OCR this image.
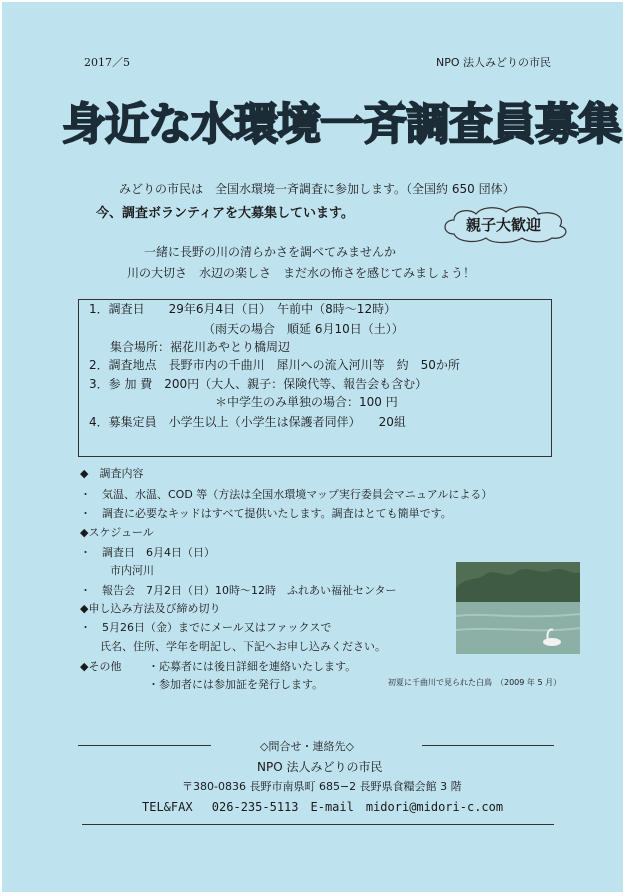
2017／5	NPO 法人みどりの市民
身近な水環境一斉調査員募集
みどりの市民は　全国水環境一斉調査に参加します。（全国約 650 団体）
今、調査ボランティアを大募集しています。
親子大歓迎
一緒に長野の川の清らかさを調べてみませんか
川の大切さ　水辺の楽しさ　まだ水の怖さを感じてみましょう！
1．調査日　　29年6月4日（日）　午前中（8時〜12時）
（雨天の場合　順延 6月10日（土））
集合場所：裾花川あやとり橋周辺
2．調査地点　長野市内の千曲川　犀川への流入河川等　約　50か所
3．参 加 費　200円（大人、親子：保険代等、報告会も含む）
＊中学生のみ単独の場合：100 円
4．募集定員　小学生以上（小学生は保護者同伴）　　20組
◆　調査内容
・　気温、水温、COD 等（方法は全国水環境マップ実行委員会マニュアルによる）
・　調査に必要なキッドはすべて提供いたします。調査はとても簡単です。
◆スケジュール
・　調査日　6月4日（日）
市内河川
・　報告会　7月2日（日）10時〜12時　ふれあい福祉センター
◆申し込み方法及び締め切り
・　5月26日（金）までにメール又はファックスで
氏名、住所、学年を明記し、下記へお申し込みください。
◆その他 ・応募者には後日詳細を連絡いたします。
・参加者には参加証を発行します。	初夏に千曲川で見られた白鳥　（2009 年 5 月）
◇問合せ・連絡先◇
NPO 法人みどりの市民
〒380-0836 長野市南県町 685−2 長野県食糧会館 3 階
TEL&FAX　 026-235-5113　E-mail　midori@midori-c.com
